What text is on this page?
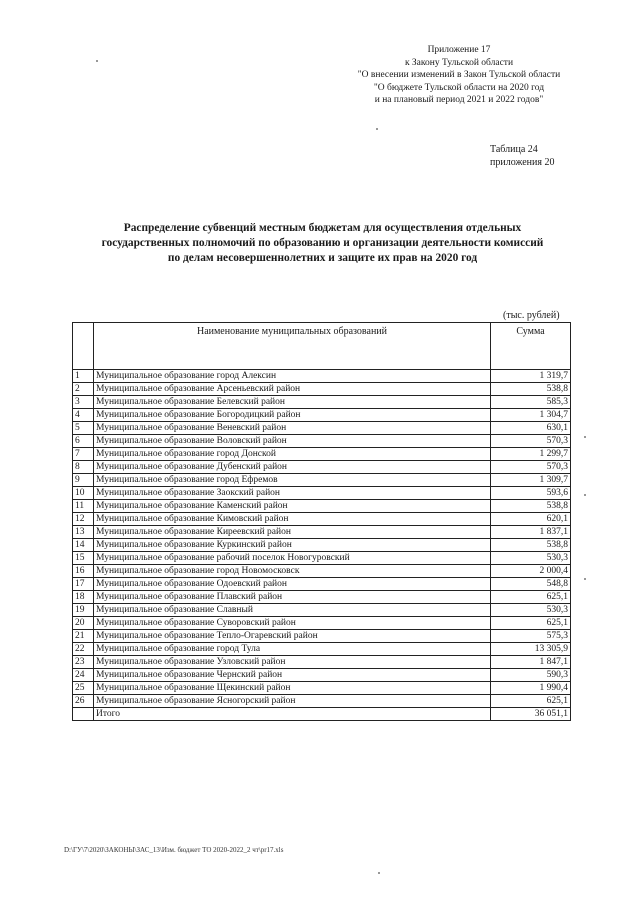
Приложение 17
к Закону Тульской области
"О внесении изменений в Закон Тульской области
"О бюджете Тульской области на 2020 год
и на плановый период 2021 и 2022 годов"
Таблица 24
приложения 20
Распределение субвенций местным бюджетам для осуществления отдельных
государственных полномочий по образованию и организации деятельности комиссий
по делам несовершеннолетних и защите их прав на 2020 год
(тыс. рублей)
	Наименование муниципальных образований	Сумма
1	Муниципальное образование город Алексин	1 319,7
2	Муниципальное образование Арсеньевский район	538,8
3	Муниципальное образование Белевский район	585,3
4	Муниципальное образование Богородицкий район	1 304,7
5	Муниципальное образование Веневский район	630,1
6	Муниципальное образование Воловский район	570,3
7	Муниципальное образование город Донской	1 299,7
8	Муниципальное образование Дубенский район	570,3
9	Муниципальное образование город Ефремов	1 309,7
10	Муниципальное образование Заокский район	593,6
11	Муниципальное образование Каменский район	538,8
12	Муниципальное образование Кимовский район	620,1
13	Муниципальное образование Киреевский район	1 837,1
14	Муниципальное образование Куркинский район	538,8
15	Муниципальное образование рабочий поселок Новогуровский	530,3
16	Муниципальное образование город Новомосковск	2 000,4
17	Муниципальное образование Одоевский район	548,8
18	Муниципальное образование Плавский район	625,1
19	Муниципальное образование Славный	530,3
20	Муниципальное образование Суворовский район	625,1
21	Муниципальное образование Тепло-Огаревский район	575,3
22	Муниципальное образование город Тула	13 305,9
23	Муниципальное образование Узловский район	1 847,1
24	Муниципальное образование Чернский район	590,3
25	Муниципальное образование Щекинский район	1 990,4
26	Муниципальное образование Ясногорский район	625,1
	Итого	36 051,1
D:\ГУ\7\2020\ЗАКОНЫ\ЗАС_13\Изм. бюджет ТО 2020-2022_2 чт\pr17.xls
